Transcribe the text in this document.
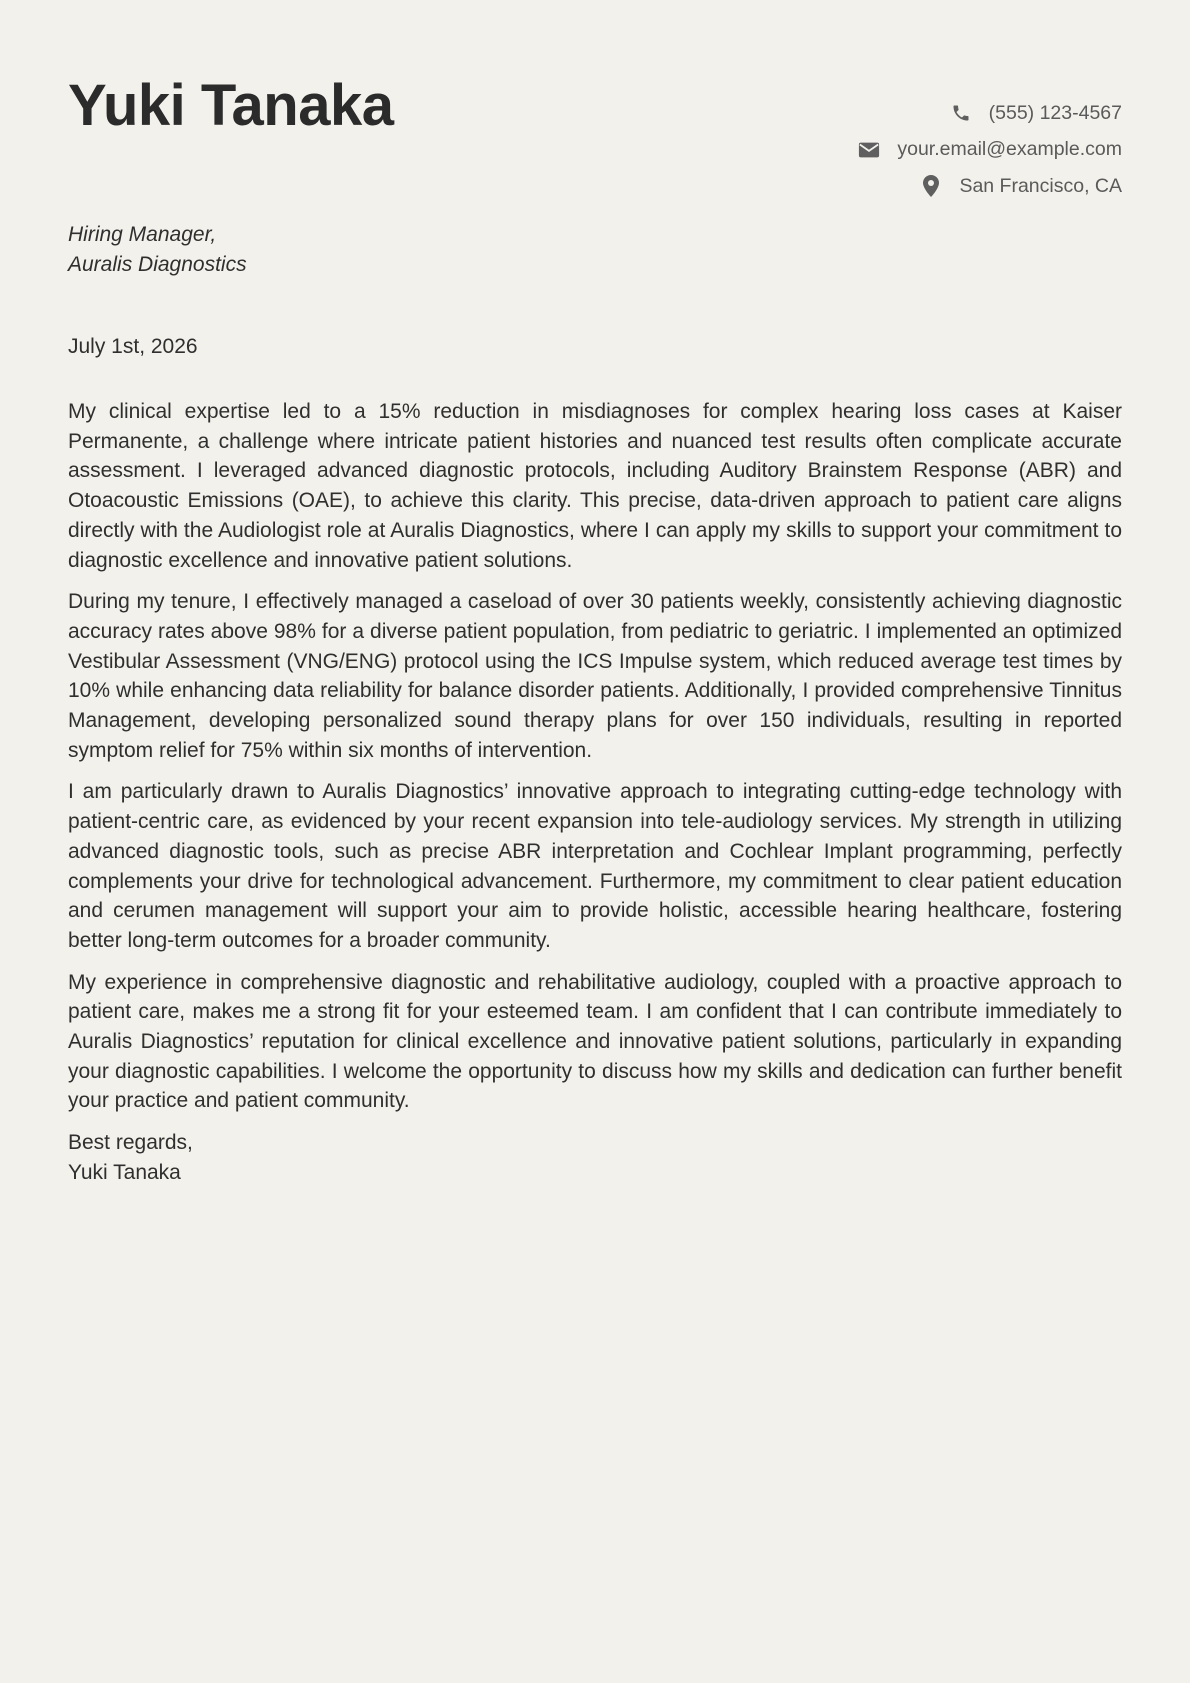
Yuki Tanaka	(555) 123-4567
your.email@example.com
San Francisco, CA
Hiring Manager,
Auralis Diagnostics
July 1st, 2026

My clinical expertise led to a 15% reduction in misdiagnoses for complex hearing loss cases at Kaiser Permanente, a challenge where intricate patient histories and nuanced test results often complicate accurate assessment. I leveraged advanced diagnostic protocols, including Auditory Brainstem Response (ABR) and Otoacoustic Emissions (OAE), to achieve this clarity. This precise, data-driven approach to patient care aligns directly with the Audiologist role at Auralis Diagnostics, where I can apply my skills to support your commitment to diagnostic excellence and innovative patient solutions.

During my tenure, I effectively managed a caseload of over 30 patients weekly, consistently achieving diagnostic accuracy rates above 98% for a diverse patient population, from pediatric to geriatric. I implemented an optimized Vestibular Assessment (VNG/ENG) protocol using the ICS Impulse system, which reduced average test times by 10% while enhancing data reliability for balance disorder patients. Additionally, I provided comprehensive Tinnitus Management, developing personalized sound therapy plans for over 150 individuals, resulting in reported symptom relief for 75% within six months of intervention.

I am particularly drawn to Auralis Diagnostics’ innovative approach to integrating cutting-edge technology with patient-centric care, as evidenced by your recent expansion into tele-audiology services. My strength in utilizing advanced diagnostic tools, such as precise ABR interpretation and Cochlear Implant programming, perfectly complements your drive for technological advancement. Furthermore, my commitment to clear patient education and cerumen management will support your aim to provide holistic, accessible hearing healthcare, fostering better long-term outcomes for a broader community.

My experience in comprehensive diagnostic and rehabilitative audiology, coupled with a proactive approach to patient care, makes me a strong fit for your esteemed team. I am confident that I can contribute immediately to Auralis Diagnostics’ reputation for clinical excellence and innovative patient solutions, particularly in expanding your diagnostic capabilities. I welcome the opportunity to discuss how my skills and dedication can further benefit your practice and patient community.

Best regards,
Yuki Tanaka
